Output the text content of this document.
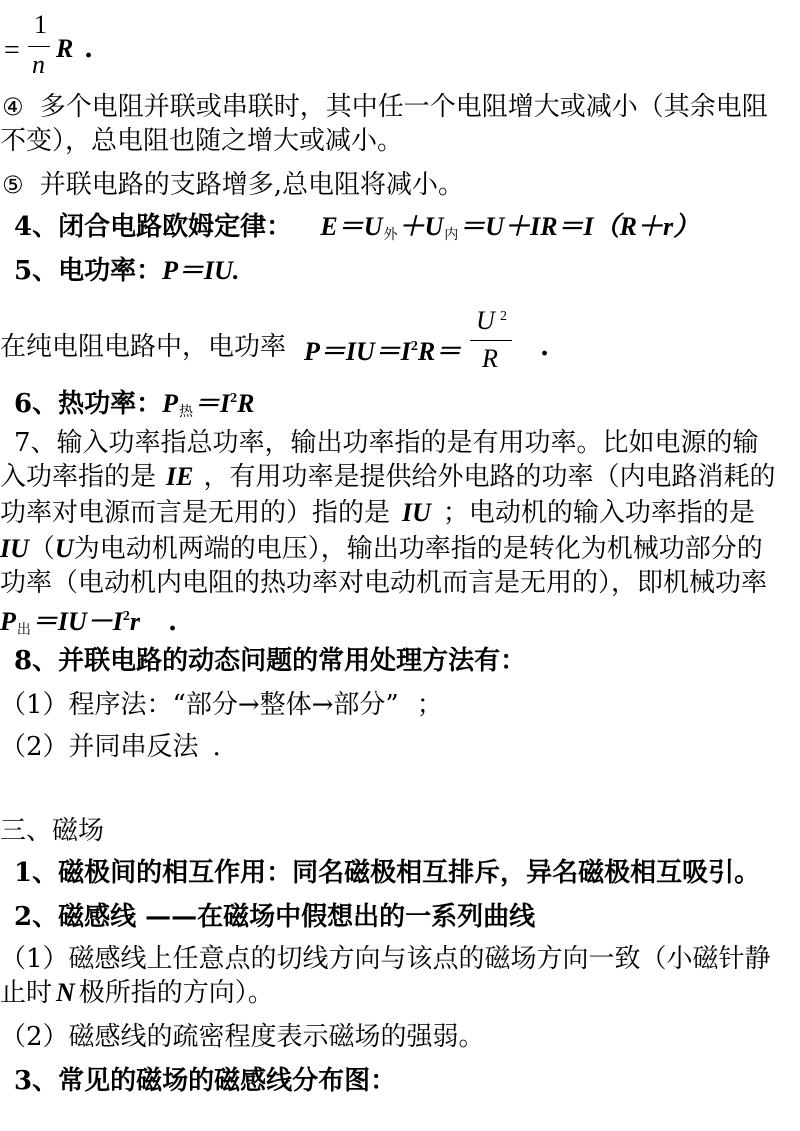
=
1
n
R .
④ 多个电阻并联或串联时，其中任一个电阻增大或减小（其余电阻
不变），总电阻也随之增大或减小。
⑤ 并联电路的支路增多,总电阻将减小。
4、闭合电路欧姆定律： $E=U_外+U_内=U+IR=I(R+r)$
5、电功率：P＝IU.
在纯电阻电路中，电功率 $P=IU=I^2R=$
U 2
R .
6、热功率：$P_热=I^2R$
7、输入功率指总功率，输出功率指的是有用功率。比如电源的输
入功率指的是 IE ，有用功率是提供给外电路的功率（内电路消耗的
功率对电源而言是无用的）指的是 IU ；电动机的输入功率指的是
IU（U为电动机两端的电压），输出功率指的是转化为机械功部分的
功率（电动机内电阻的热功率对电动机而言是无用的），即机械功率
$P_出=IU-I^2r$ .
8、并联电路的动态问题的常用处理方法有：
（1）程序法：“部分→整体→部分” ；
（2）并同串反法 .
三、磁场
1、磁极间的相互作用：同名磁极相互排斥，异名磁极相互吸引。
2、磁感线 ——在磁场中假想出的一系列曲线
（1）磁感线上任意点的切线方向与该点的磁场方向一致（小磁针静
止时 N 极所指的方向）。
（2）磁感线的疏密程度表示磁场的强弱。
3、常见的磁场的磁感线分布图：
